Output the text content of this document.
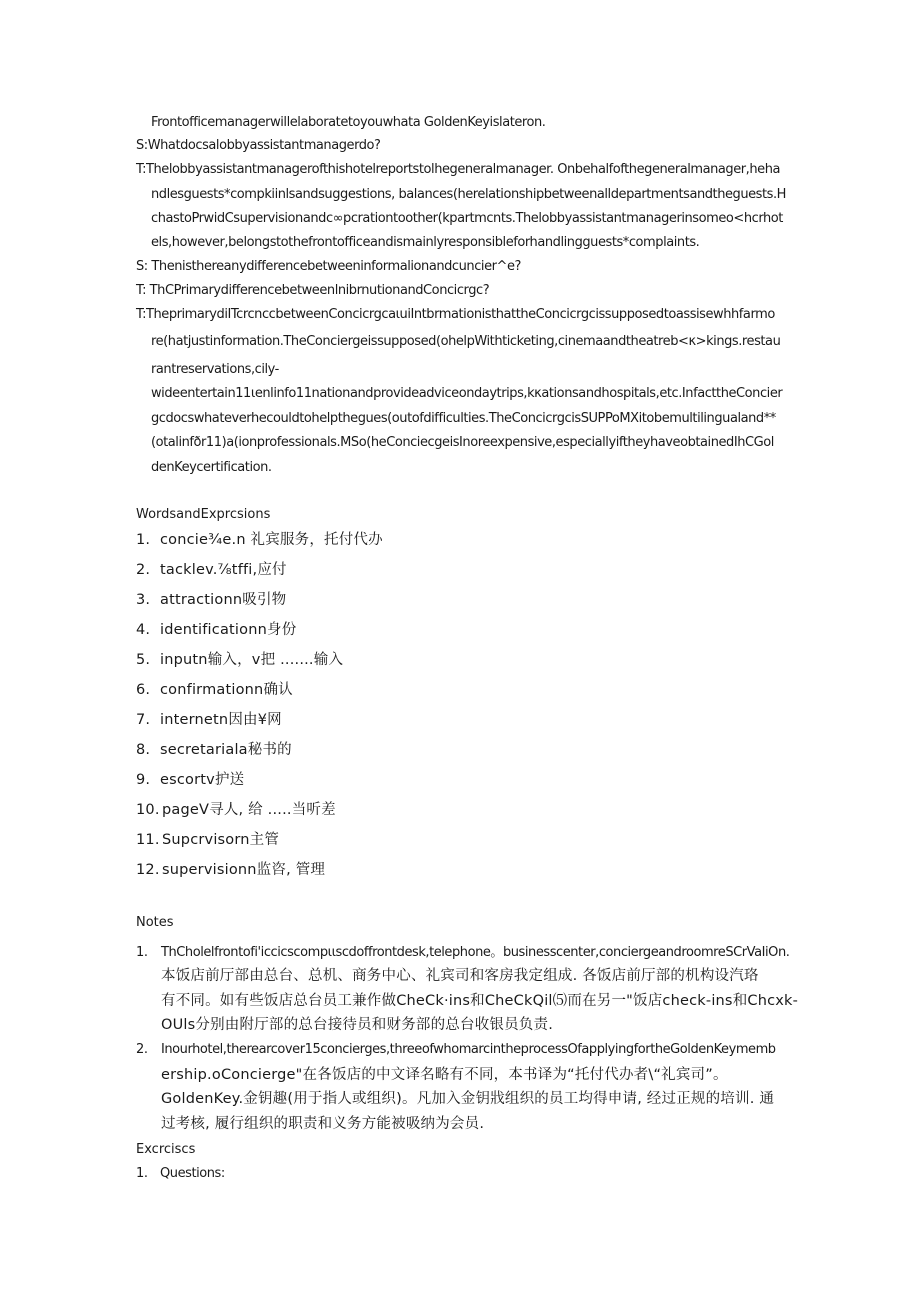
Frontofficemanagerwillelaboratetoyouwhata GoldenKeyislateron.
S:Whatdocsalobbyassistantmanagerdo?
T:Thelobbyassistantmanagerofthishotelreportstolhegeneralmanager. Onbehalfofthegeneralmanager,heha
ndlesguests*compkiinlsandsuggestions, balances(herelationshipbetweenalldepartmentsandtheguests.H
chastoPrwidCsupervisionandc∞pcrationtoother(kpartmcnts.Thelobbyassistantmanagerinsomeo<hcrhot
els,however,belongstothefrontofficeandismainlyresponsibleforhandlingguests*complaints.
S: Thenisthereanydifferencebetweeninformalionandcuncier^e?
T: ThCPrimarydifferencebetweenlnibrnutionandConcicrgc?
T:TheprimarydiITcrcnccbetweenConcicrgcaιuiIntbrmationisthattheConcicrgcissupposedtoassisewhhfarmo
re(hatjustinformation.TheConciergeissupposed(ohelpWithticketing,cinemaandtheatreb<κ>kings.restau
rantreservations,cily-
wideentertain11ιenlinfo11nationandprovideadviceondaytrips,kκationsandhospitals,etc.InfacttheConcier
gcdocswhateverhecouldtohelpthegues(outofdifficulties.TheConcicrgcisSUPPoMXitobemultilingualand**
(otalinfðr11)a(ionprofessionals.MSo(heConciecgeisInoreexpensive,especiallyiftheyhaveobtainedIhCGol
denKeycertification.
WordsandExprcsions
1. concie¾e.n 礼宾服务，托付代办
2. tacklev.⅞tffi,应付
3. attractionn吸引物
4. identificationn身份
5. inputn输入，v把 .......输入
6. confirmationn确认
7. internetn因由¥网
8. secretariala秘书的
9. escortv护送
10. pageV寻人, 给 .....当听差
11. Supcrvisorn主管
12. supervisionn监咨, 管理
Notes
1. ThCholelfrontofi'iccicscompιιscdoffrontdesk,telephone。businesscenter,conciergeandroomreSCrVaIiOn.
本饭店前厅部由总台、总机、商务中心、礼宾司和客房我定组成. 各饭店前厅部的机构设汽珞
有不同。如有些饭店总台员工兼作做CheCk·ins和CheCkQil⑸而在另一"饭店check-ins和Chcxk-
OUls分别由附厅部的总台接待员和财务部的总台收银员负责.
2. Inourhotel,therearcover15concierges,threeofwhomarcintheprocessOfapplyingfortheGoldenKeymemb
ership.oConcierge"在各饭店的中文译名略有不同，本书译为“托付代办者\“礼宾司”。
GoldenKey.金钥趣(用于指人或组织)。凡加入金钥戕组织的员工均得申请, 经过正规的培训. 通
过考核, 履行组织的职责和义务方能被吸纳为会员.
Excrciscs
1. Questions:
